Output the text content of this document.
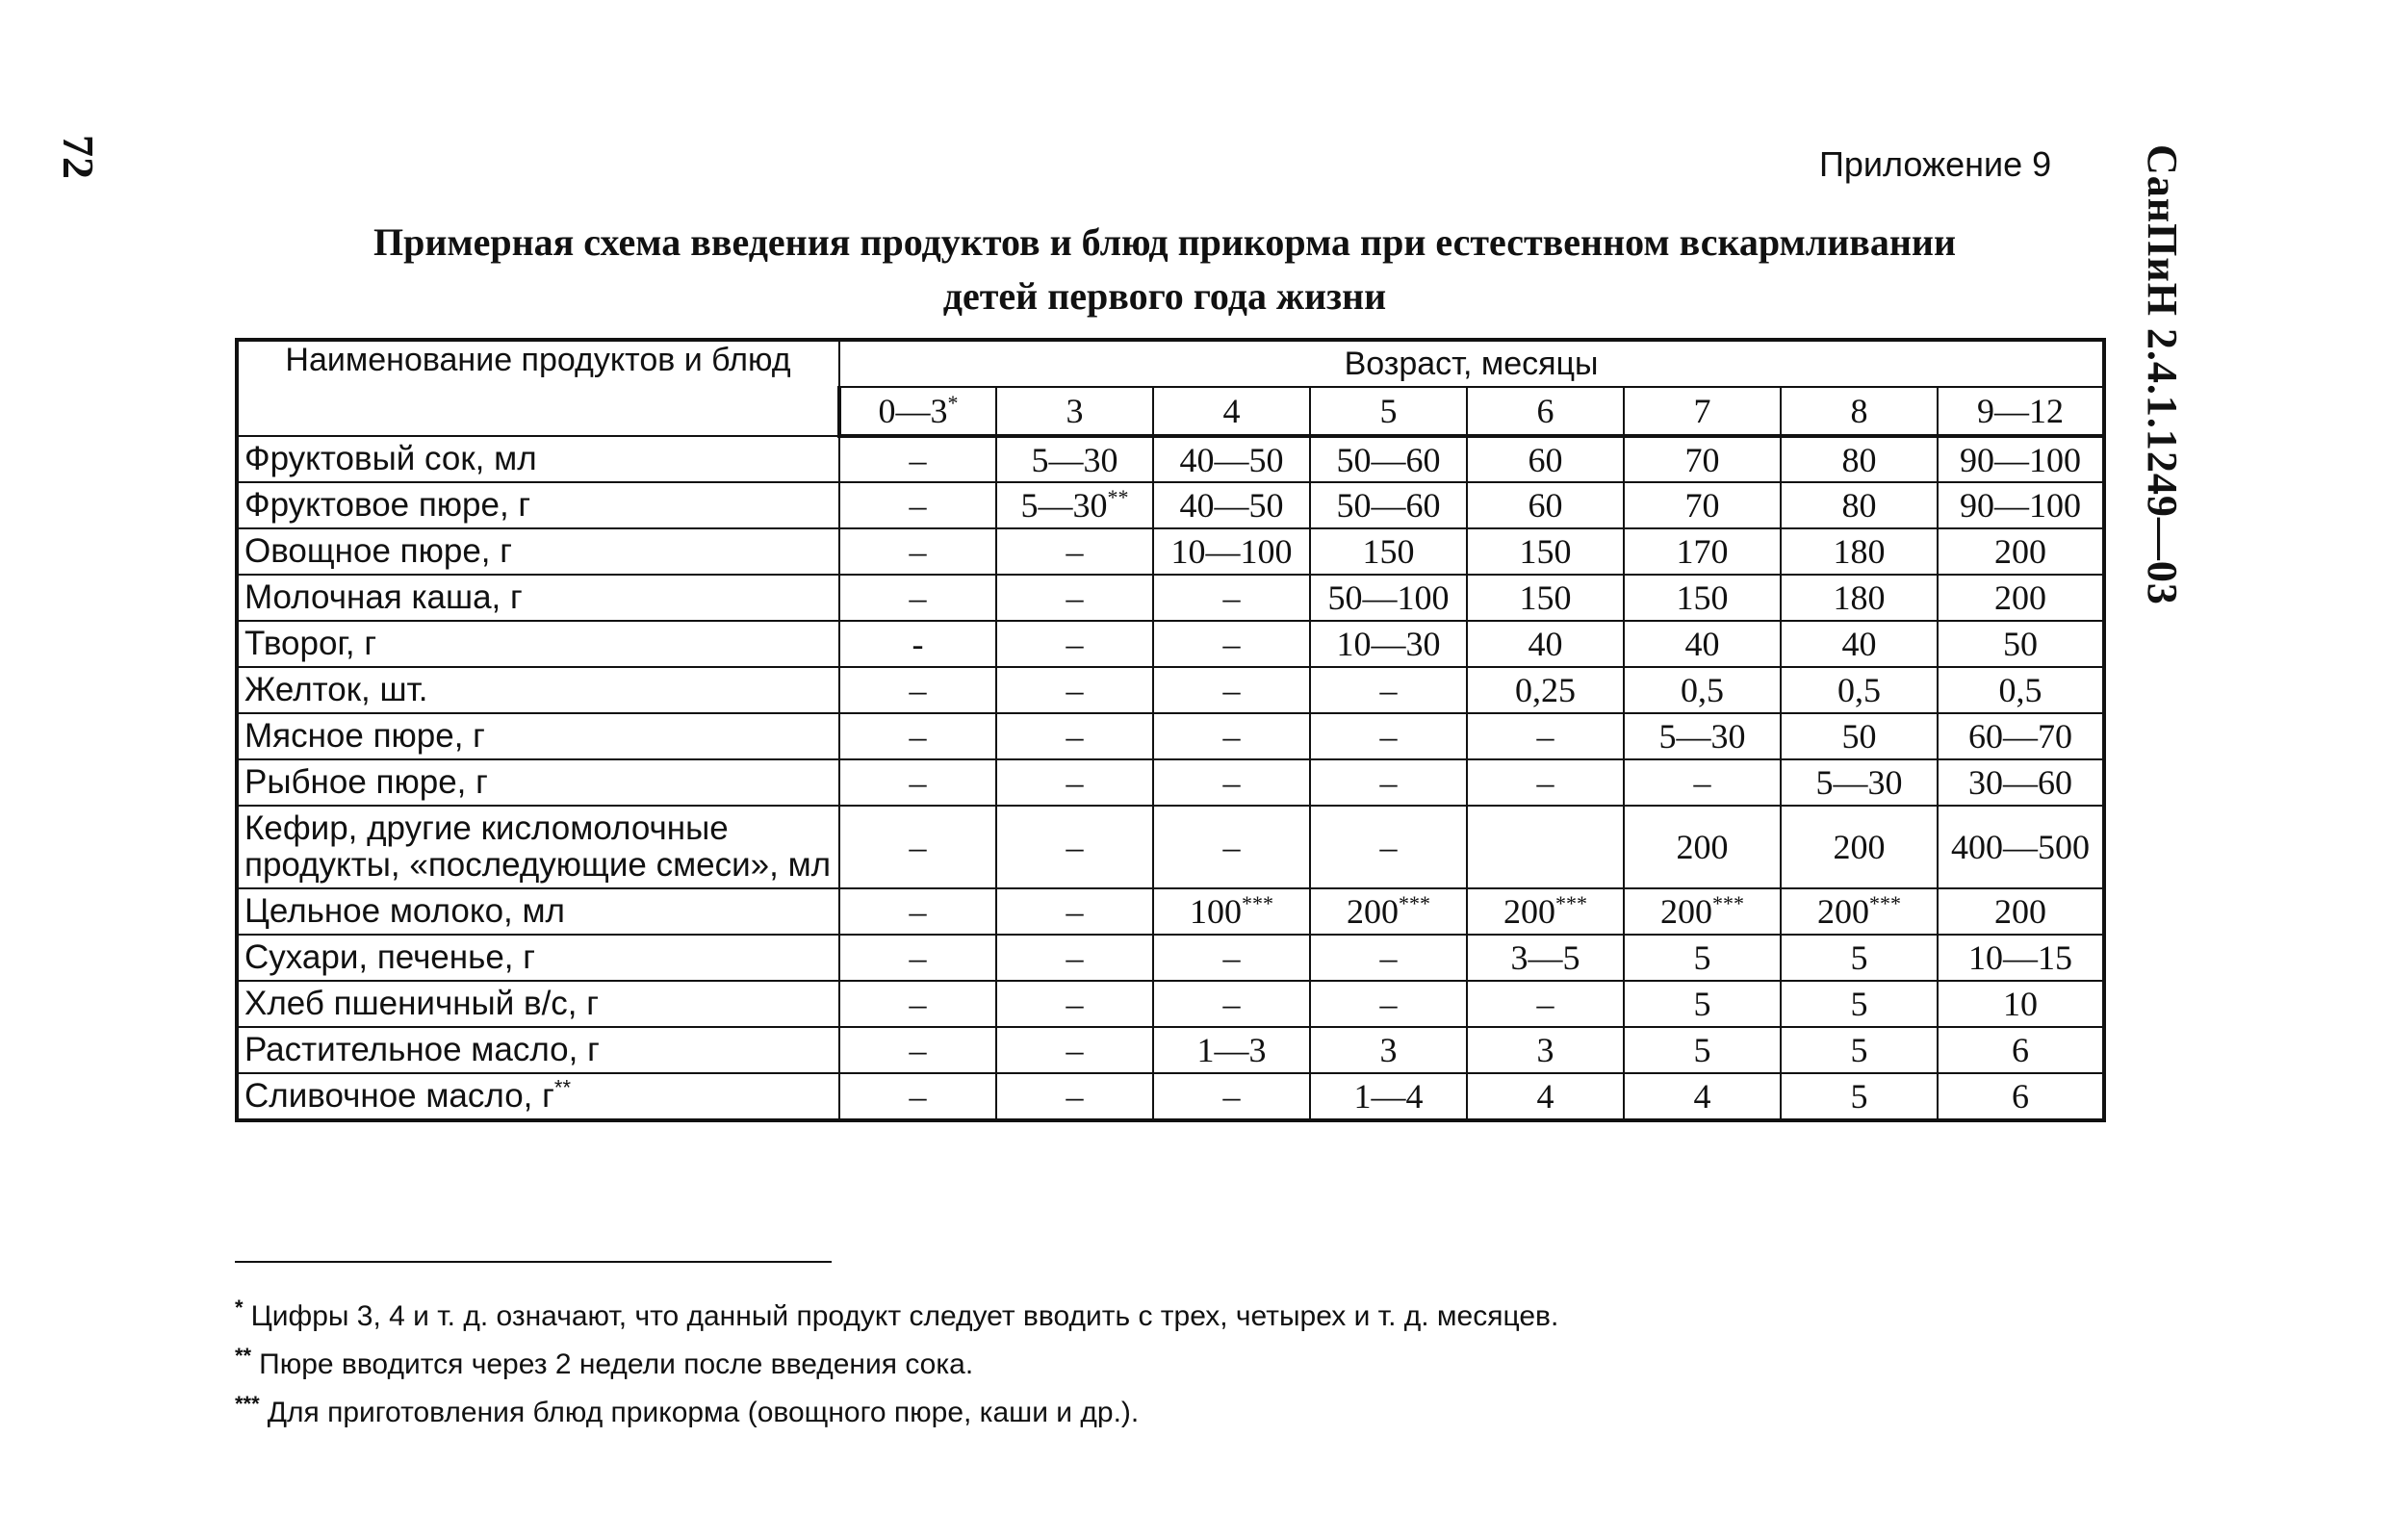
72	СанПиН 2.4.1.1249—03
Приложение 9
Примерная схема введения продуктов и блюд прикорма при естественном вскармливании
детей первого года жизни
Наименование продуктов и блюд	Возраст, месяцы							
	0—3*	3	4	5	6	7	8	9—12
Фруктовый сок, мл	–	5—30	40—50	50—60	60	70	80	90—100
Фруктовое пюре, г	–	5—30**	40—50	50—60	60	70	80	90—100
Овощное пюре, г	–	–	10—100	150	150	170	180	200
Молочная каша, г	–	–	–	50—100	150	150	180	200
Творог, г	-	–	–	10—30	40	40	40	50
Желток, шт.	–	–	–	–	0,25	0,5	0,5	0,5
Мясное пюре, г	–	–	–	–	–	5—30	50	60—70
Рыбное пюре, г	–	–	–	–	–	–	5—30	30—60
Кефир, другие кисломолочные продукты, «последующие смеси», мл	–	–	–	–		200	200	400—500
Цельное молоко, мл	–	–	100***	200***	200***	200***	200***	200
Сухари, печенье, г	–	–	–	–	3—5	5	5	10—15
Хлеб пшеничный в/с, г	–	–	–	–	–	5	5	10
Растительное масло, г	–	–	1—3	3	3	5	5	6
Сливочное масло, г**	–	–	–	1—4	4	4	5	6
* Цифры 3, 4 и т. д. означают, что данный продукт следует вводить с трех, четырех и т. д. месяцев.
** Пюре вводится через 2 недели после введения сока.
*** Для приготовления блюд прикорма (овощного пюре, каши и др.).
